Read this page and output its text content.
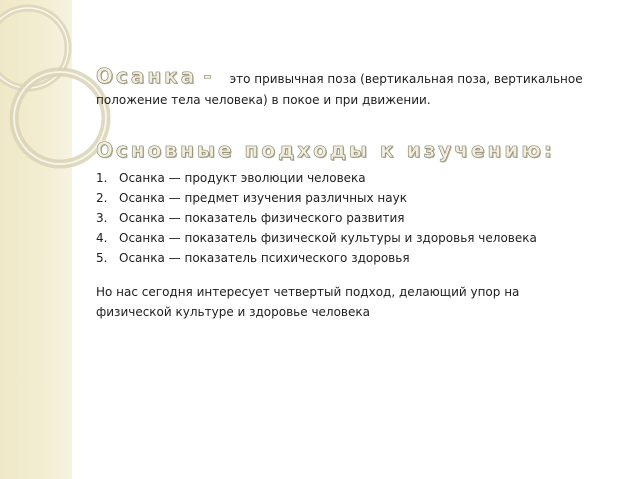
Осанка - это привычная поза (вертикальная поза, вертикальное
положение тела человека) в покое и при движении.
Основные подходы к изучению:
1. Осанка — продукт эволюции человека
2. Осанка — предмет изучения различных наук
3. Осанка — показатель физического развития
4. Осанка — показатель физической культуры и здоровья человека
5. Осанка — показатель психического здоровья
Но нас сегодня интересует четвертый подход, делающий упор на
физической культуре и здоровье человека
